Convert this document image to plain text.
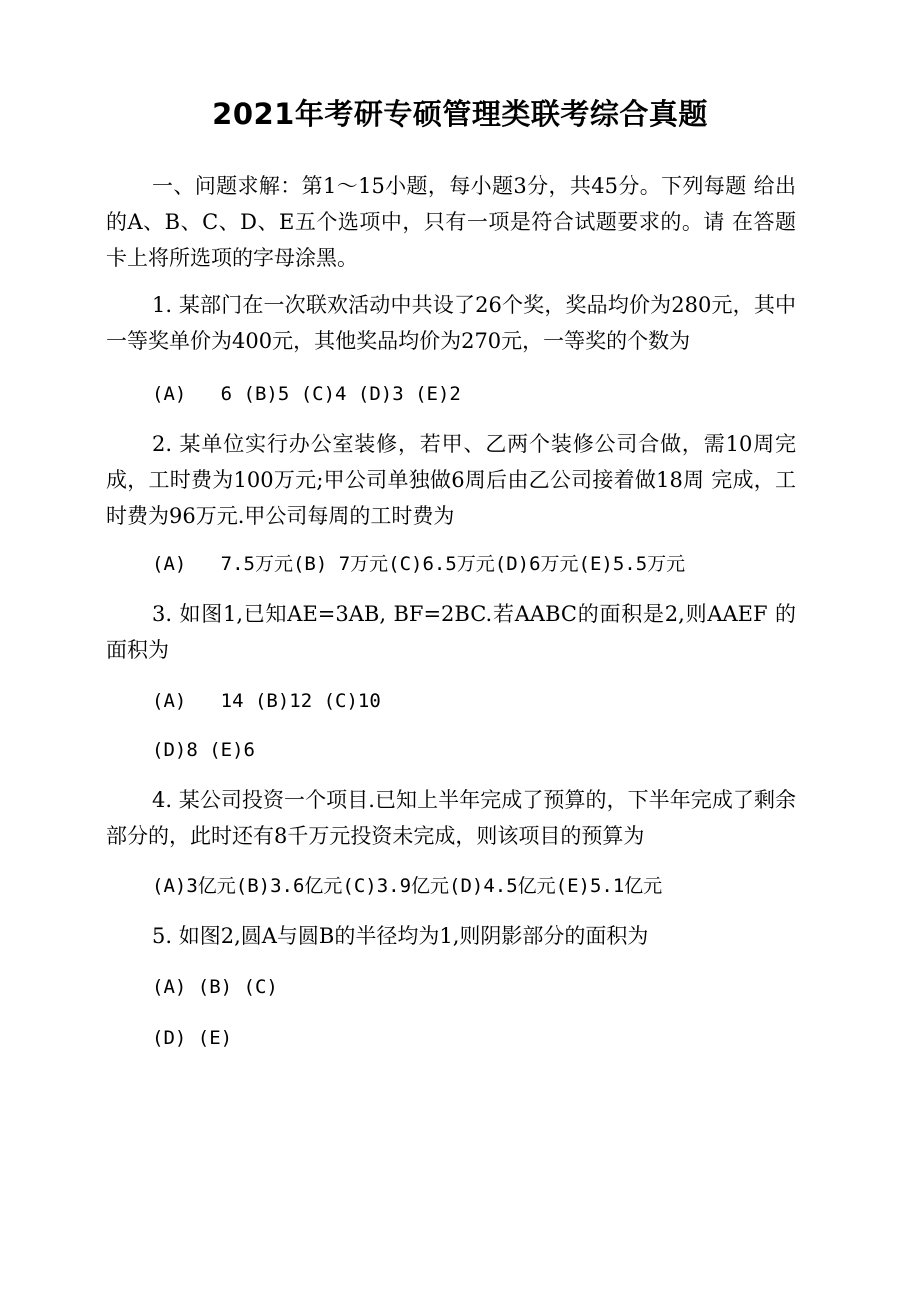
2021年考研专硕管理类联考综合真题
一、问题求解：第1〜15小题，每小题3分，共45分。下列每题 给出的A、B、C、D、E五个选项中，只有一项是符合试题要求的。请 在答题卡上将所选项的字母涂黑。
1. 某部门在一次联欢活动中共设了26个奖，奖品均价为280元，其中一等奖单价为400元，其他奖品均价为270元，一等奖的个数为
(A)   6 (B)5 (C)4 (D)3 (E)2
2. 某单位实行办公室装修，若甲、乙两个装修公司合做，需10周完成，工时费为100万元;甲公司单独做6周后由乙公司接着做18周 完成，工时费为96万元.甲公司每周的工时费为
(A)   7.5万元(B) 7万元(C)6.5万元(D)6万元(E)5.5万元
3. 如图1,已知AE=3AB, BF=2BC.若AABC的面积是2,则AAEF 的面积为
(A)   14 (B)12 (C)10
(D)8 (E)6
4. 某公司投资一个项目.已知上半年完成了预算的，下半年完成了剩余部分的，此时还有8千万元投资未完成，则该项目的预算为
(A)3亿元(B)3.6亿元(C)3.9亿元(D)4.5亿元(E)5.1亿元
5. 如图2,圆A与圆B的半径均为1,则阴影部分的面积为
(A) (B) (C)
(D) (E)
